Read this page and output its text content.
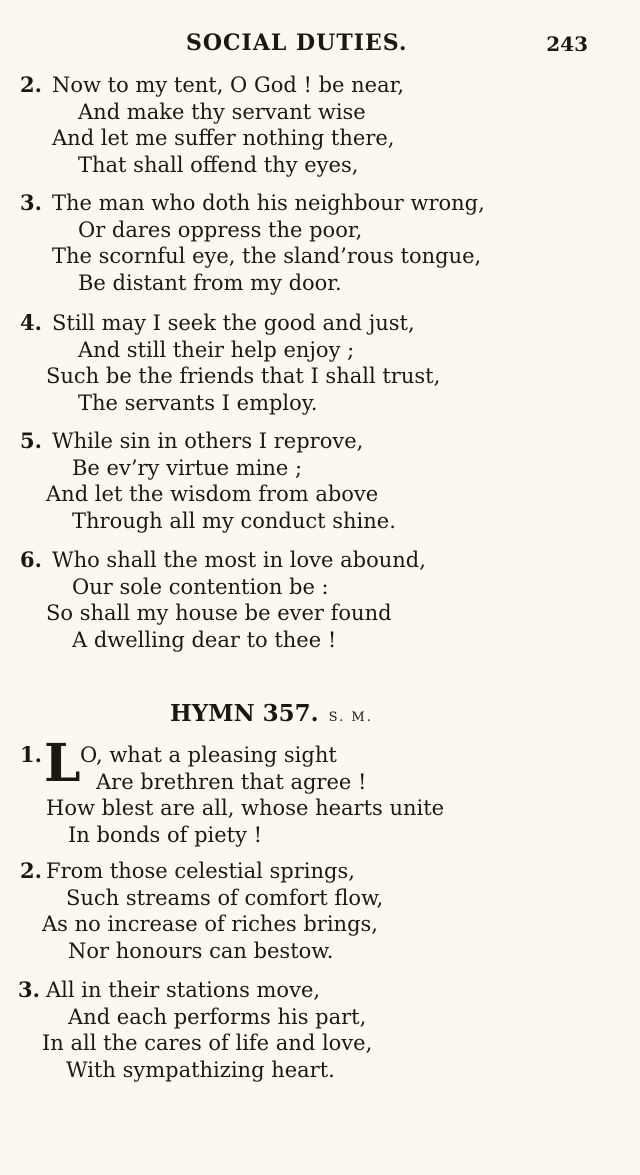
SOCIAL DUTIES.	243
2. Now to my tent, O God ! be near,
And make thy servant wise
And let me suffer nothing there,
That shall offend thy eyes,
3. The man who doth his neighbour wrong,
Or dares oppress the poor,
The scornful eye, the sland’rous tongue,
Be distant from my door.
4. Still may I seek the good and just,
And still their help enjoy ;
Such be the friends that I shall trust,
The servants I employ.
5. While sin in others I reprove,
Be ev’ry virtue mine ;
And let the wisdom from above
Through all my conduct shine.
6. Who shall the most in love abound,
Our sole contention be :
So shall my house be ever found
A dwelling dear to thee !
HYMN 357. S. M.
1. L O, what a pleasing sight
Are brethren that agree !
How blest are all, whose hearts unite
In bonds of piety !
2. From those celestial springs,
Such streams of comfort flow,
As no increase of riches brings,
Nor honours can bestow.
3. All in their stations move,
And each performs his part,
In all the cares of life and love,
With sympathizing heart.
